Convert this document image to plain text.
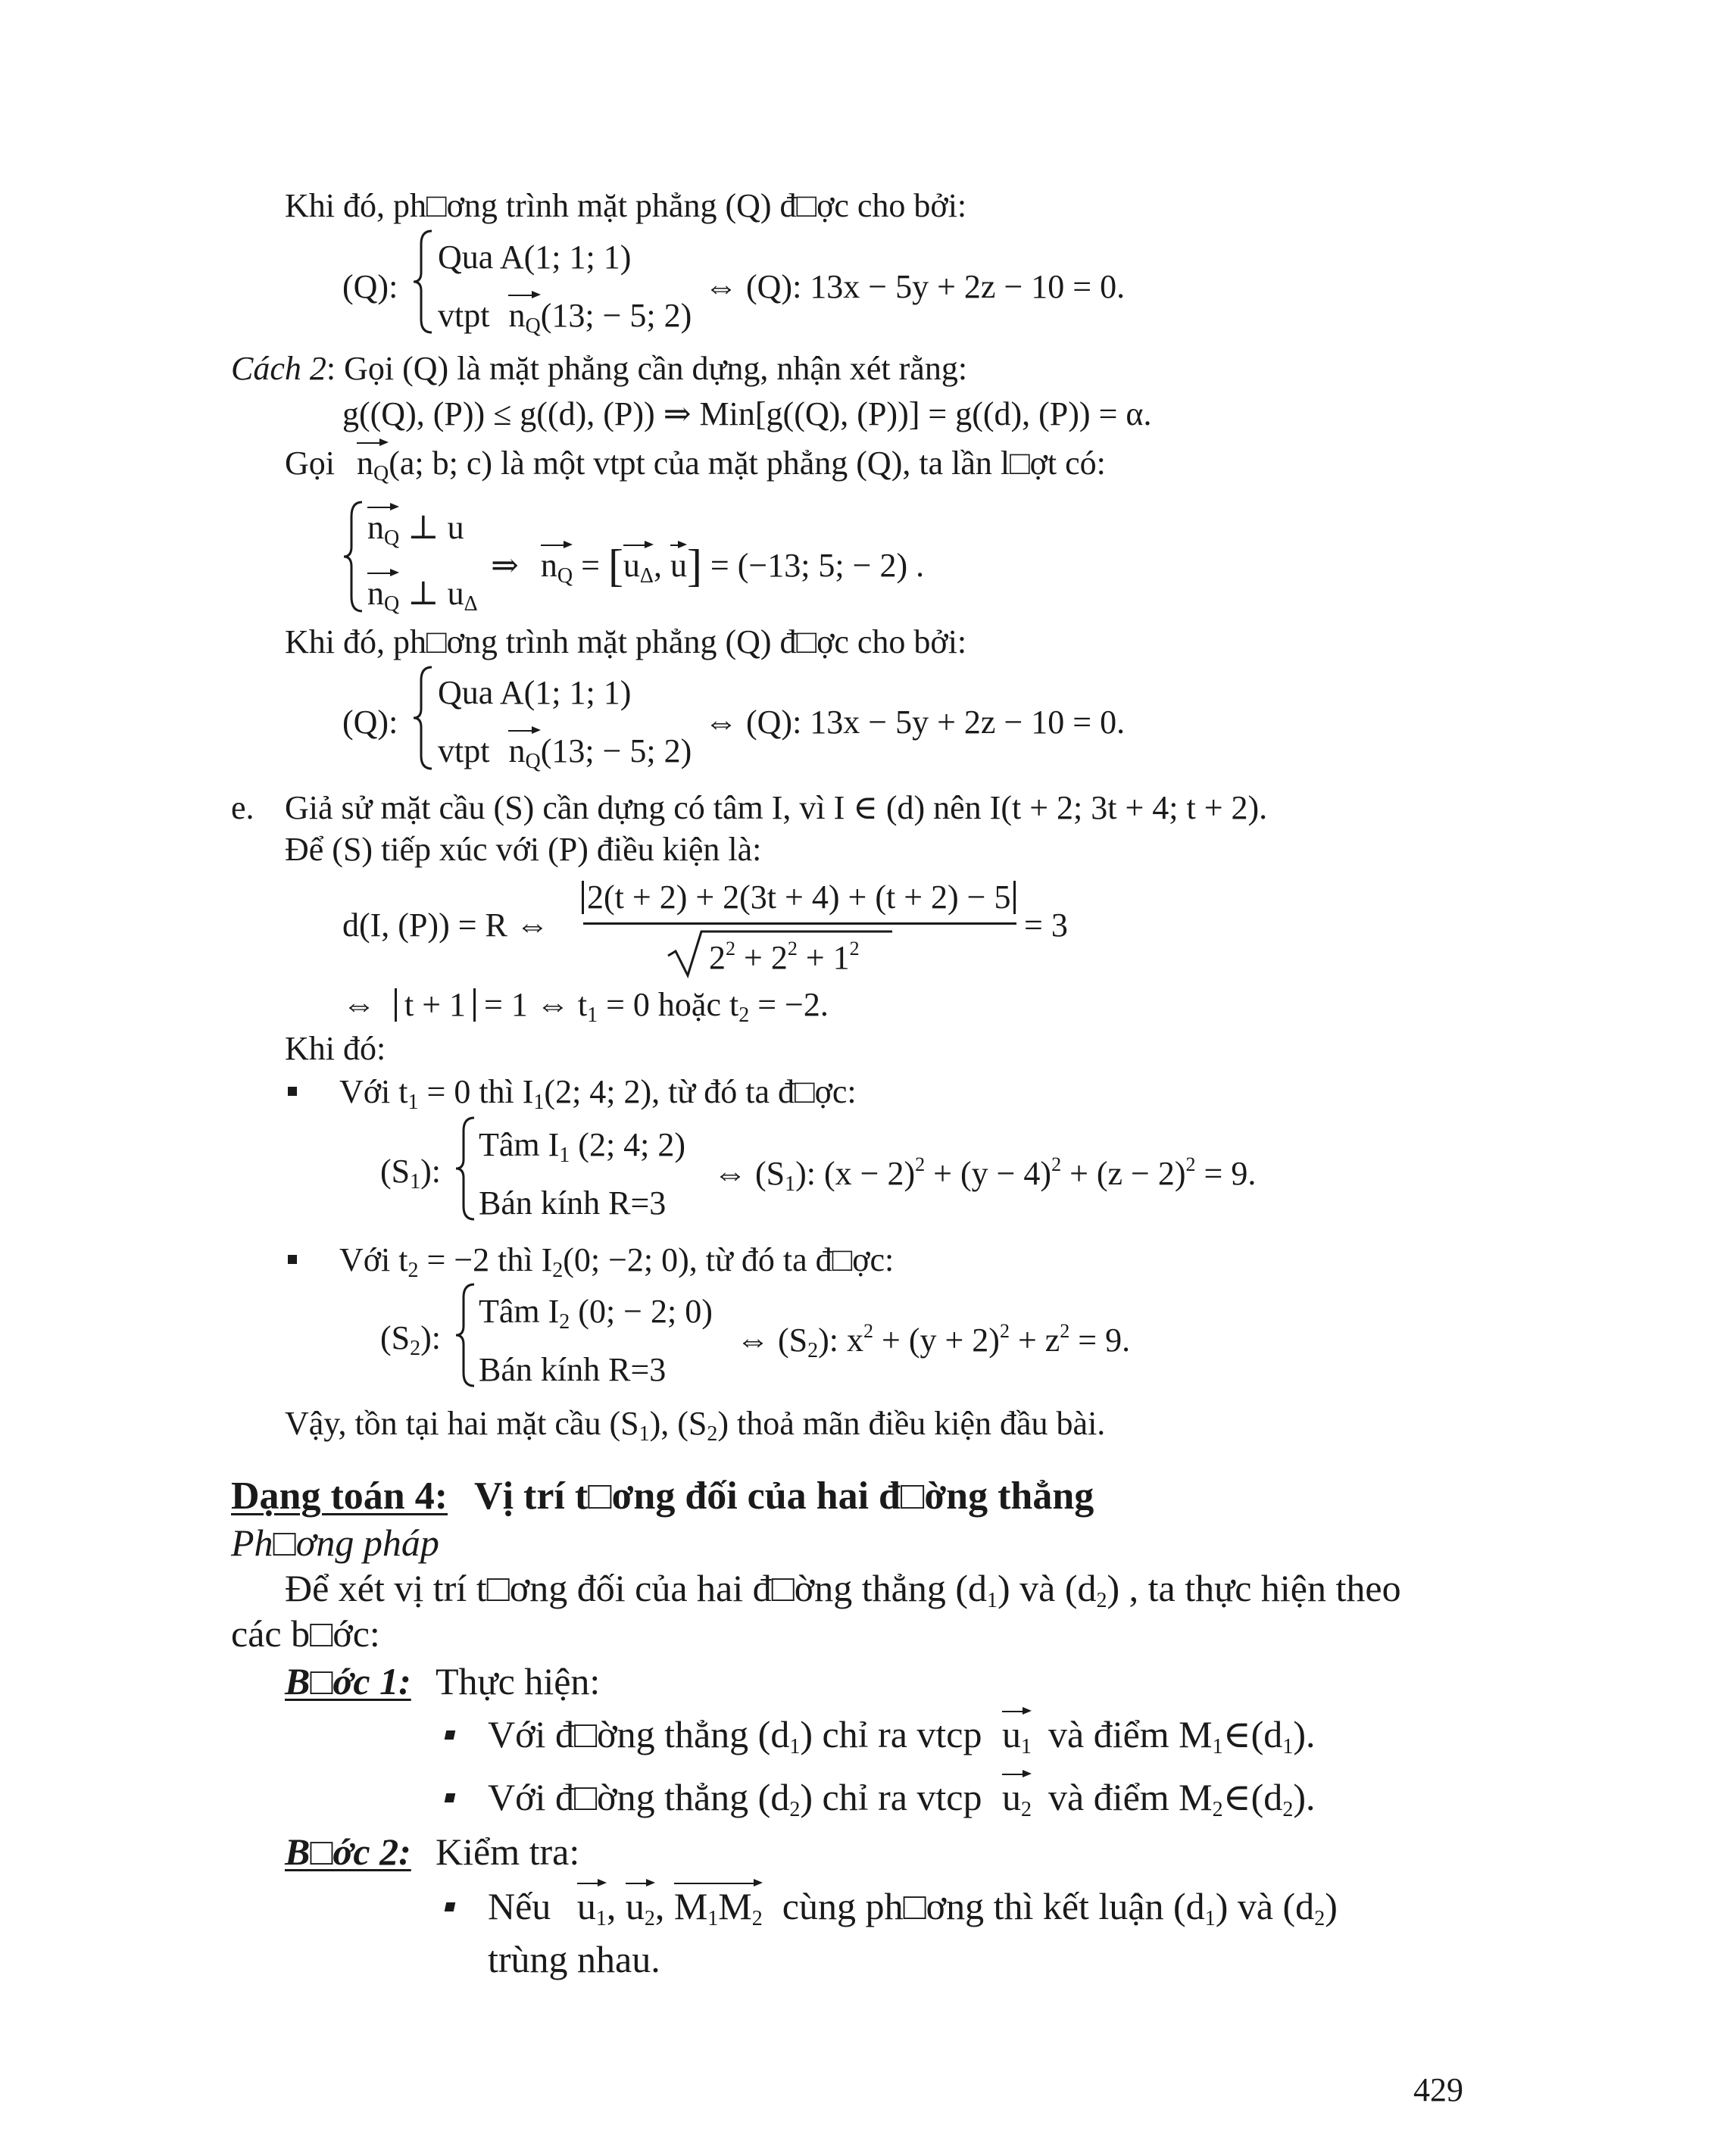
Khi đó, ph□ơng trình mặt phẳng (Q) đ□ợc cho bởi:
(Q):
Qua A(1; 1; 1)
vtpt $n_Q(13$; − 5; 2)
⇔ (Q): 13x − 5y + 2z − 10 = 0.
Cách 2: Gọi (Q) là mặt phẳng cần dựng, nhận xét rằng:
g((Q), (P)) ≤ g((d), (P)) ⇒ Min[g((Q), (P))] = g((d), (P)) = α.
Gọi $n_Q(a$; b; c) là một vtpt của mặt phẳng (Q), ta lần l□ợt có:
$n_Q$ ⊥ u
$n_Q$ ⊥ $u_\Delta$
⇒ $n_Q = [u_\Delta$, u] = (−13; 5; − 2) .
Khi đó, ph□ơng trình mặt phẳng (Q) đ□ợc cho bởi:
(Q):
Qua A(1; 1; 1)
vtpt $n_Q(13$; − 5; 2)
⇔ (Q): 13x − 5y + 2z − 10 = 0.
e. Giả sử mặt cầu (S) cần dựng có tâm I, vì I ∈ (d) nên I(t + 2; 3t + 4; t + 2).
Để (S) tiếp xúc với (P) điều kiện là:
d(I, (P)) = R ⇔
2(t + 2) + 2(3t + 4) + (t + 2) − 5
$2^2 + 2^2 + 1^2$
= 3
⇔ t + 1 = 1 ⇔ $t_1 = 0$ hoặc $t_2 = -2$.
Khi đó:
Với $t_1 = 0$ thì $I_1(2$; 4; 2), từ đó ta đ□ợc:
$(S_1)$:
Tâm $I_1$ (2; 4; 2)
Bán kính R=3
⇔ $(S_1)$: $(x - 2)^2 + (y - 4)^2 + (z - 2)^2 = 9$.
Với $t_2 = -2$ thì $I_2(0$; −2; 0), từ đó ta đ□ợc:
$(S_2)$:
Tâm $I_2$ (0; − 2; 0)
Bán kính R=3
⇔ $(S_2)$: $x^2 + (y + 2)^2 + z^2 = 9$.
Vậy, tồn tại hai mặt cầu $(S_1)$, $(S_2)$ thoả mãn điều kiện đầu bài.
Dạng toán 4: Vị trí t□ơng đối của hai đ□ờng thẳng
Ph□ơng pháp
Để xét vị trí t□ơng đối của hai đ□ờng thẳng $(d_1)$ và $(d_2)$ , ta thực hiện theo
các b□ớc:
B□ớc 1: Thực hiện:
Với đ□ờng thẳng $(d_1)$ chỉ ra vtcp $u_1$ và điểm $M_1\in(d_1)$.
Với đ□ờng thẳng $(d_2)$ chỉ ra vtcp $u_2$ và điểm $M_2\in(d_2)$.
B□ớc 2: Kiểm tra:
Nếu $u_1$, $u_2$, $M_1M_2$ cùng ph□ơng thì kết luận $(d_1)$ và $(d_2)$
trùng nhau.
429
